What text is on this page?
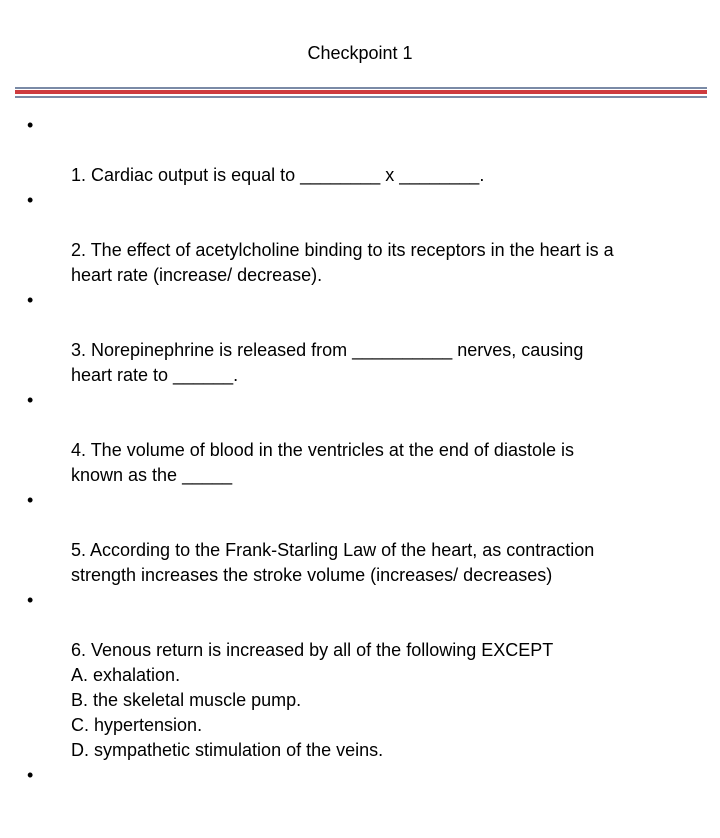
Checkpoint 1

•

1. Cardiac output is equal to ________ x ________.

•

2. The effect of acetylcholine binding to its receptors in the heart is a
heart rate (increase/ decrease).

•

3. Norepinephrine is released from __________ nerves, causing
heart rate to ______.

•

4. The volume of blood in the ventricles at the end of diastole is
known as the _____

•

5. According to the Frank-Starling Law of the heart, as contraction
strength increases the stroke volume (increases/ decreases)

•

6. Venous return is increased by all of the following EXCEPT
A. exhalation.
B. the skeletal muscle pump.
C. hypertension.
D. sympathetic stimulation of the veins.

•
